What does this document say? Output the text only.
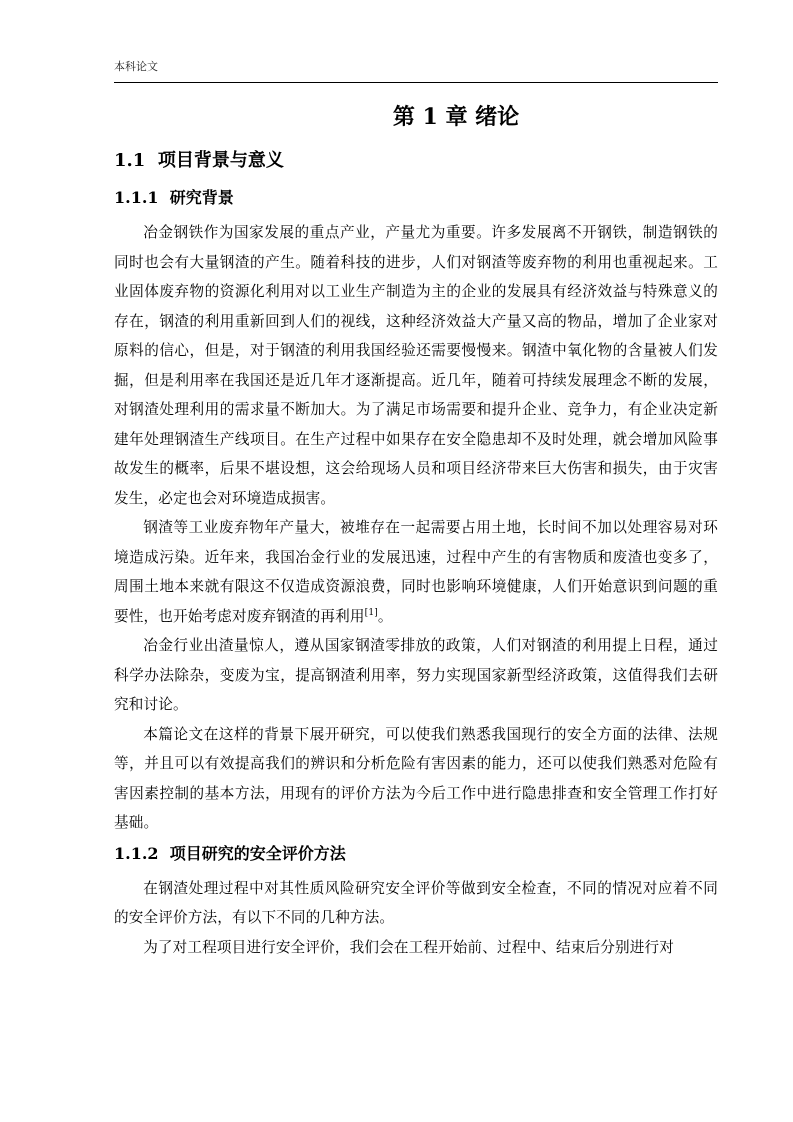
本科论文
第 1 章 绪论
1.1 项目背景与意义
1.1.1 研究背景

冶金钢铁作为国家发展的重点产业，产量尤为重要。许多发展离不开钢铁，制造钢铁的同时也会有大量钢渣的产生。随着科技的进步，人们对钢渣等废弃物的利用也重视起来。工业固体废弃物的资源化利用对以工业生产制造为主的企业的发展具有经济效益与特殊意义的存在，钢渣的利用重新回到人们的视线，这种经济效益大产量又高的物品，增加了企业家对原料的信心，但是，对于钢渣的利用我国经验还需要慢慢来。钢渣中氧化物的含量被人们发掘，但是利用率在我国还是近几年才逐渐提高。近几年，随着可持续发展理念不断的发展，对钢渣处理利用的需求量不断加大。为了满足市场需要和提升企业、竞争力，有企业决定新建年处理钢渣生产线项目。在生产过程中如果存在安全隐患却不及时处理，就会增加风险事故发生的概率，后果不堪设想，这会给现场人员和项目经济带来巨大伤害和损失，由于灾害发生，必定也会对环境造成损害。

钢渣等工业废弃物年产量大，被堆存在一起需要占用土地，长时间不加以处理容易对环境造成污染。近年来，我国冶金行业的发展迅速，过程中产生的有害物质和废渣也变多了，周围土地本来就有限这不仅造成资源浪费，同时也影响环境健康，人们开始意识到问题的重要性，也开始考虑对废弃钢渣的再利用[1]。

冶金行业出渣量惊人，遵从国家钢渣零排放的政策，人们对钢渣的利用提上日程，通过科学办法除杂，变废为宝，提高钢渣利用率，努力实现国家新型经济政策，这值得我们去研究和讨论。

本篇论文在这样的背景下展开研究，可以使我们熟悉我国现行的安全方面的法律、法规等，并且可以有效提高我们的辨识和分析危险有害因素的能力，还可以使我们熟悉对危险有害因素控制的基本方法，用现有的评价方法为今后工作中进行隐患排查和安全管理工作打好基础。

1.1.2 项目研究的安全评价方法

在钢渣处理过程中对其性质风险研究安全评价等做到安全检查，不同的情况对应着不同的安全评价方法，有以下不同的几种方法。

为了对工程项目进行安全评价，我们会在工程开始前、过程中、结束后分别进行对
